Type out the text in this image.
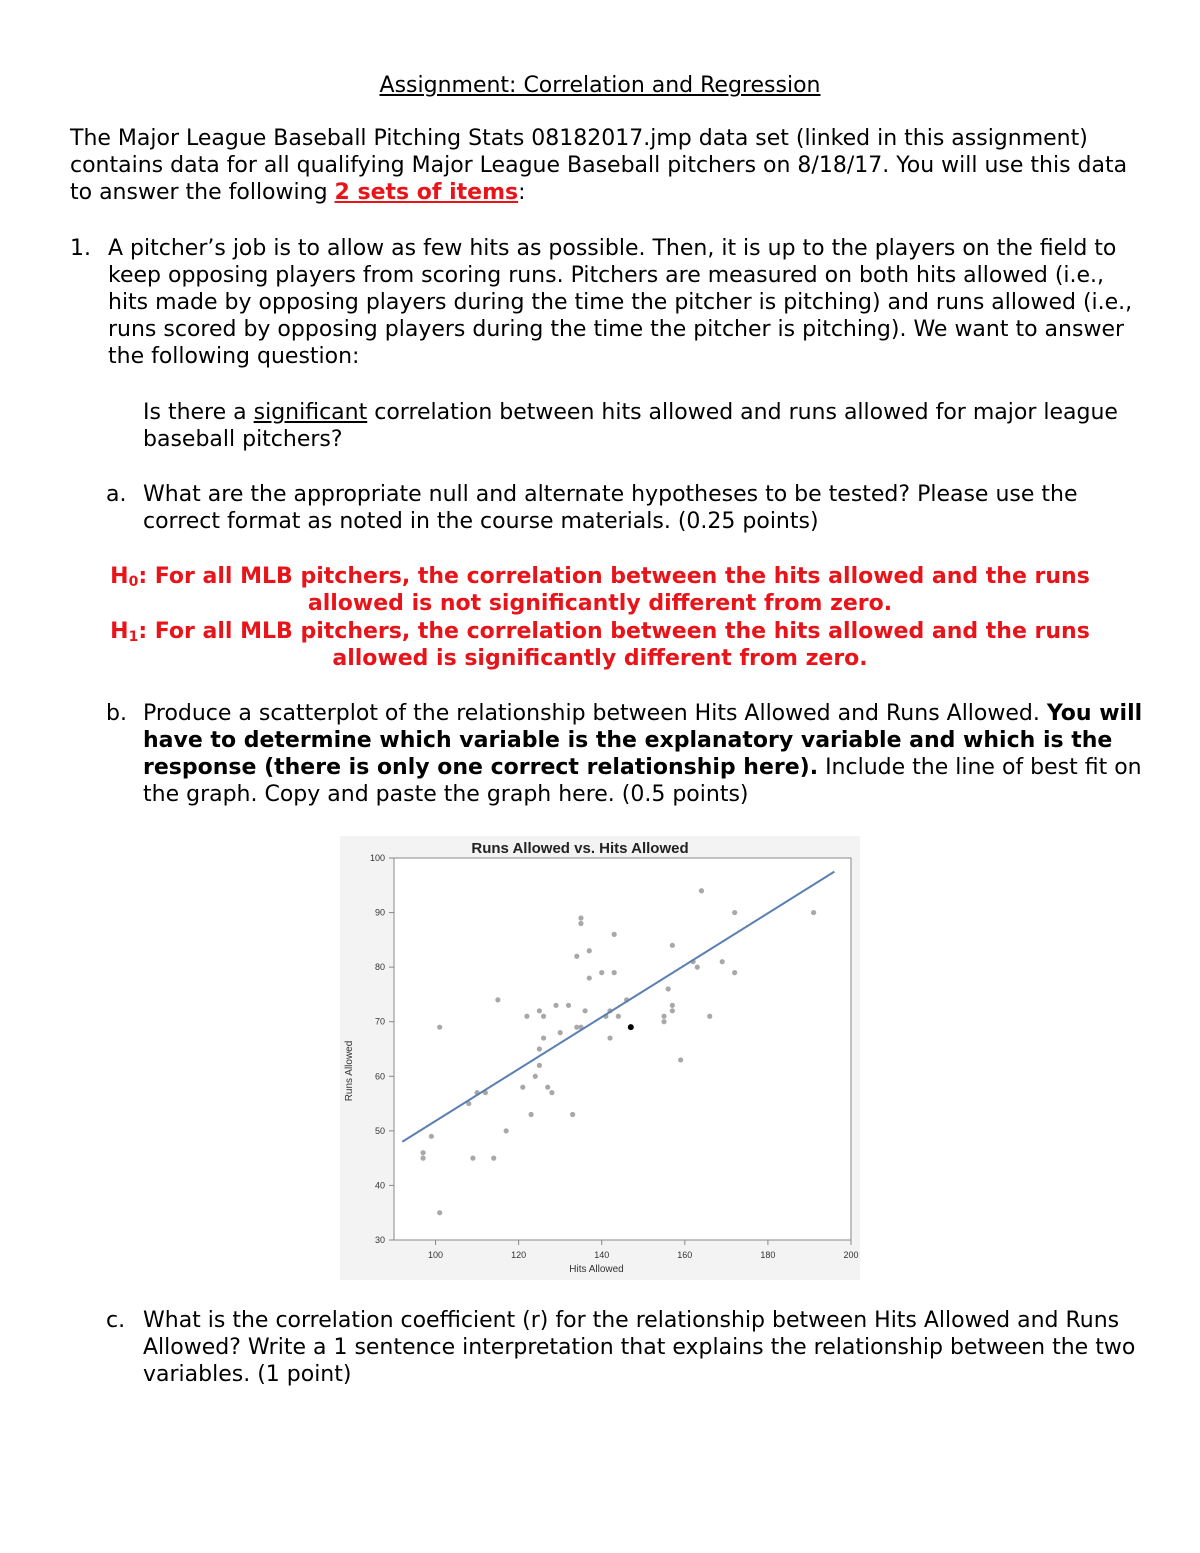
Assignment: Correlation and Regression
The Major League Baseball Pitching Stats 08182017.jmp data set (linked in this assignment) contains data for all qualifying Major League Baseball pitchers on 8/18/17. You will use this data to answer the following 2 sets of items:
1. A pitcher’s job is to allow as few hits as possible. Then, it is up to the players on the field to keep opposing players from scoring runs. Pitchers are measured on both hits allowed (i.e., hits made by opposing players during the time the pitcher is pitching) and runs allowed (i.e., runs scored by opposing players during the time the pitcher is pitching). We want to answer the following question:
Is there a significant correlation between hits allowed and runs allowed for major league baseball pitchers?
a. What are the appropriate null and alternate hypotheses to be tested? Please use the correct format as noted in the course materials. (0.25 points)
$H_0$: For all MLB pitchers, the correlation between the hits allowed and the runs allowed is not significantly different from zero.
$H_1$: For all MLB pitchers, the correlation between the hits allowed and the runs allowed is significantly different from zero.
b. Produce a scatterplot of the relationship between Hits Allowed and Runs Allowed. You will have to determine which variable is the explanatory variable and which is the response (there is only one correct relationship here). Include the line of best fit on the graph. Copy and paste the graph here. (0.5 points)
Runs Allowed vs. Hits Allowed
30
40
50
60
70
80
90
100
100	120	140	160	180	200
Hits Allowed
Runs Allowed
c. What is the correlation coefficient (r) for the relationship between Hits Allowed and Runs Allowed? Write a 1 sentence interpretation that explains the relationship between the two variables. (1 point)
